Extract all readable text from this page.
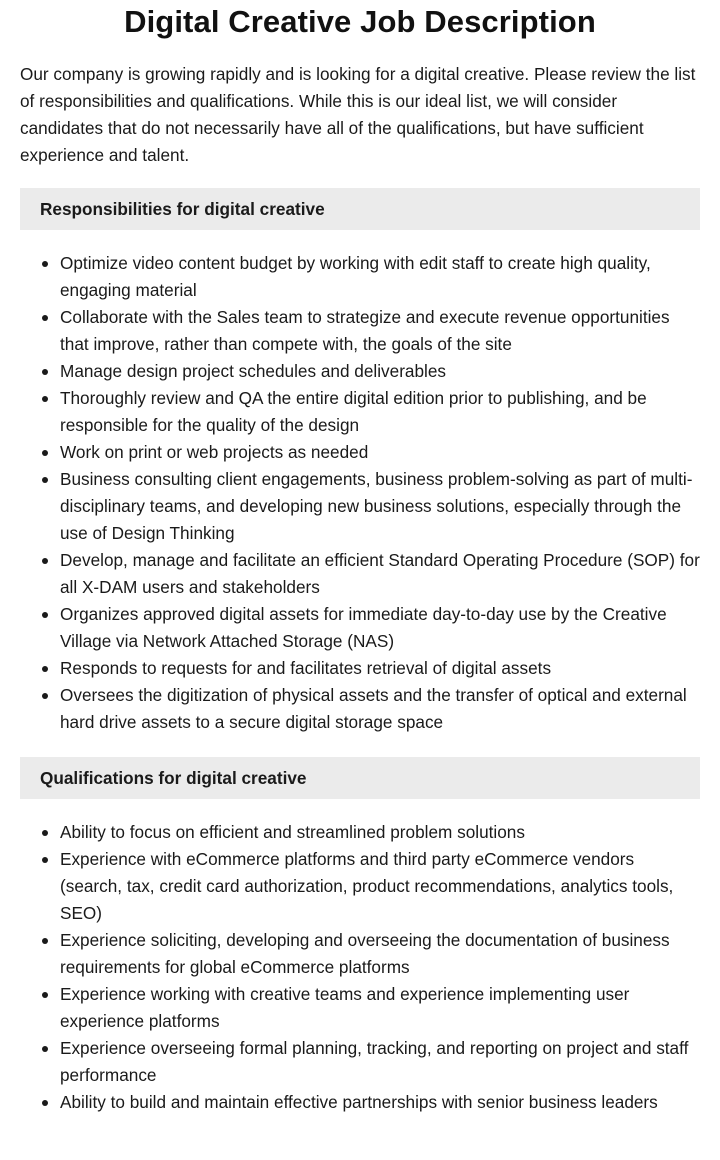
Digital Creative Job Description

Our company is growing rapidly and is looking for a digital creative. Please review the list of responsibilities and qualifications. While this is our ideal list, we will consider candidates that do not necessarily have all of the qualifications, but have sufficient experience and talent.

Responsibilities for digital creative
Optimize video content budget by working with edit staff to create high quality, engaging material
Collaborate with the Sales team to strategize and execute revenue opportunities that improve, rather than compete with, the goals of the site
Manage design project schedules and deliverables
Thoroughly review and QA the entire digital edition prior to publishing, and be responsible for the quality of the design
Work on print or web projects as needed
Business consulting client engagements, business problem-solving as part of multi-disciplinary teams, and developing new business solutions, especially through the use of Design Thinking
Develop, manage and facilitate an efficient Standard Operating Procedure (SOP) for all X-DAM users and stakeholders
Organizes approved digital assets for immediate day-to-day use by the Creative Village via Network Attached Storage (NAS)
Responds to requests for and facilitates retrieval of digital assets
Oversees the digitization of physical assets and the transfer of optical and external hard drive assets to a secure digital storage space
Qualifications for digital creative
Ability to focus on efficient and streamlined problem solutions
Experience with eCommerce platforms and third party eCommerce vendors (search, tax, credit card authorization, product recommendations, analytics tools, SEO)
Experience soliciting, developing and overseeing the documentation of business requirements for global eCommerce platforms
Experience working with creative teams and experience implementing user experience platforms
Experience overseeing formal planning, tracking, and reporting on project and staff performance
Ability to build and maintain effective partnerships with senior business leaders
